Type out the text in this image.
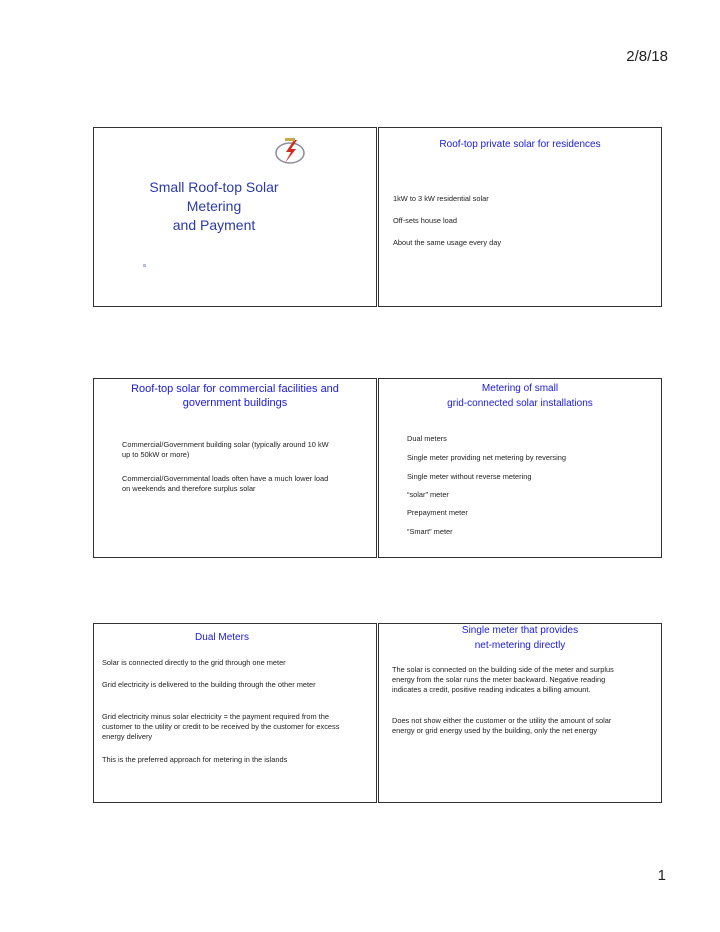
2/8/18
Small Roof-top Solar
Metering
and Payment
a
Roof-top private solar for residences
1kW to 3 kW residential solar
Off-sets house load
About the same usage every day
Roof-top solar for commercial facilities and
government buildings
Commercial/Government building solar (typically around 10 kW up to 50kW or more)
Commercial/Governmental loads often have a much lower load on weekends and therefore surplus solar
Metering of small
grid-connected solar installations
Dual meters
Single meter providing net metering by reversing
Single meter without reverse metering
“solar” meter
Prepayment meter
“Smart” meter
Dual Meters
Solar is connected directly to the grid through one meter
Grid electricity is delivered to the building through the other meter
Grid electricity minus solar electricity = the payment required from the customer to the utility or credit to be received by the customer for excess energy delivery
This is the preferred approach for metering in the islands
Single meter that provides
net-metering directly
The solar is connected on the building side of the meter and surplus energy from the solar runs the meter backward. Negative reading indicates a credit, positive reading indicates a billing amount.
Does not show either the customer or the utility the amount of solar energy or grid energy used by the building, only the net energy
1
